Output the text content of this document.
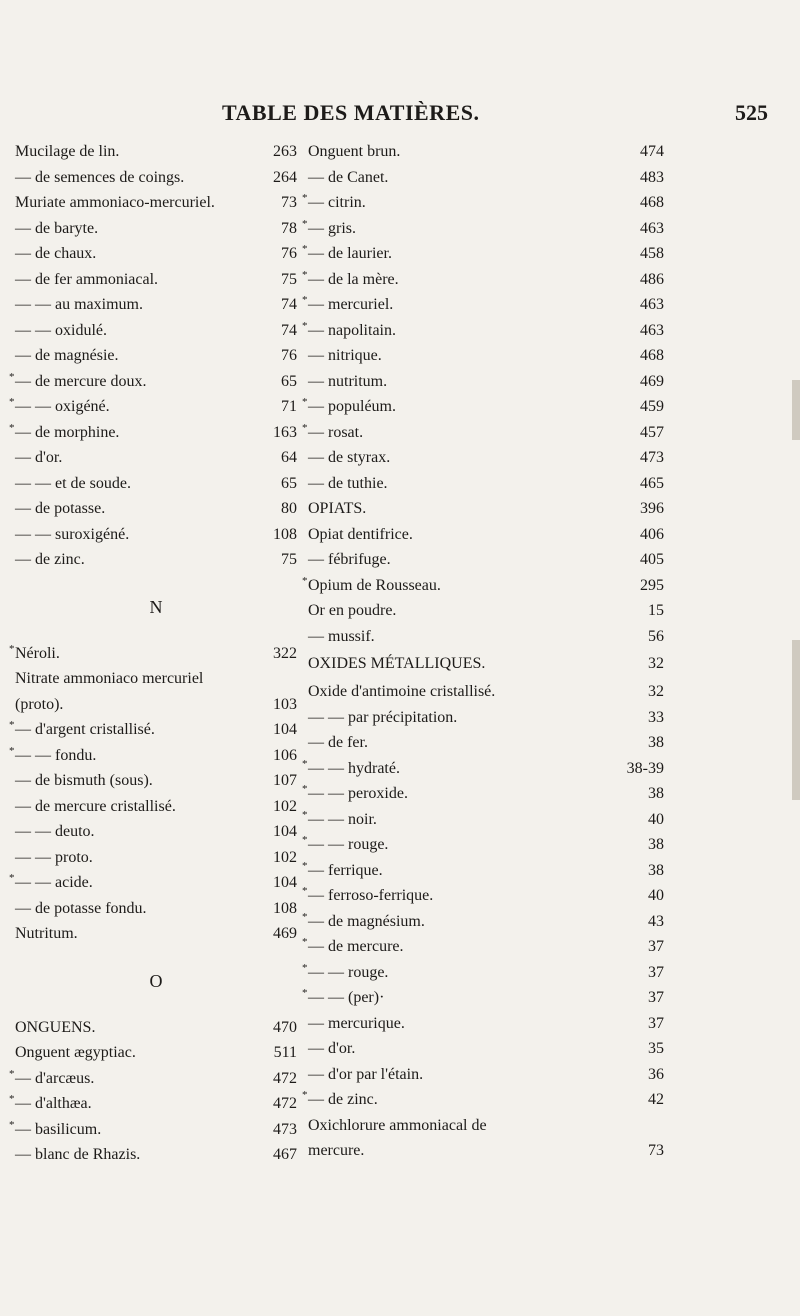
TABLE DES MATIÈRES.	525
Mucilage de lin.	263
— de semences de coings.	264
Muriate ammoniaco-mercuriel.	73
— de baryte.	78
— de chaux.	76
— de fer ammoniacal.	75
— — au maximum.	74
— — oxidulé.	74
— de magnésie.	76
* — de mercure doux.	65
* — — oxigéné.	71
* — de morphine.	163
— d'or.	64
— — et de soude.	65
— de potasse.	80
— — suroxigéné.	108
— de zinc.	75
N
* Néroli.	322
Nitrate ammoniaco mercuriel
(proto).	103
* — d'argent cristallisé.	104
* — — fondu.	106
— de bismuth (sous).	107
— de mercure cristallisé.	102
— — deuto.	104
— — proto.	102
* — — acide.	104
— de potasse fondu.	108
Nutritum.	469
O
ONGUENS.	470
Onguent ægyptiac.	511
* — d'arcæus.	472
* — d'althæa.	472
* — basilicum.	473
— blanc de Rhazis.	467
Onguent brun.	474
— de Canet.	483
* — citrin.	468
* — gris.	463
* — de laurier.	458
* — de la mère.	486
* — mercuriel.	463
* — napolitain.	463
— nitrique.	468
— nutritum.	469
* — populéum.	459
* — rosat.	457
— de styrax.	473
— de tuthie.	465
OPIATS.	396
Opiat dentifrice.	406
— fébrifuge.	405
* Opium de Rousseau.	295
Or en poudre.	15
— mussif.	56
OXIDES MÉTALLIQUES.	32
Oxide d'antimoine cristallisé.	32
— — par précipitation.	33
— de fer.	38
* — — hydraté.	38-39
* — — peroxide.	38
* — — noir.	40
* — — rouge.	38
* — ferrique.	38
* — ferroso-ferrique.	40
* — de magnésium.	43
* — de mercure.	37
* — — rouge.	37
* — — (per)·	37
— mercurique.	37
— d'or.	35
— d'or par l'étain.	36
* — de zinc.	42
Oxichlorure ammoniacal de
mercure.	73
